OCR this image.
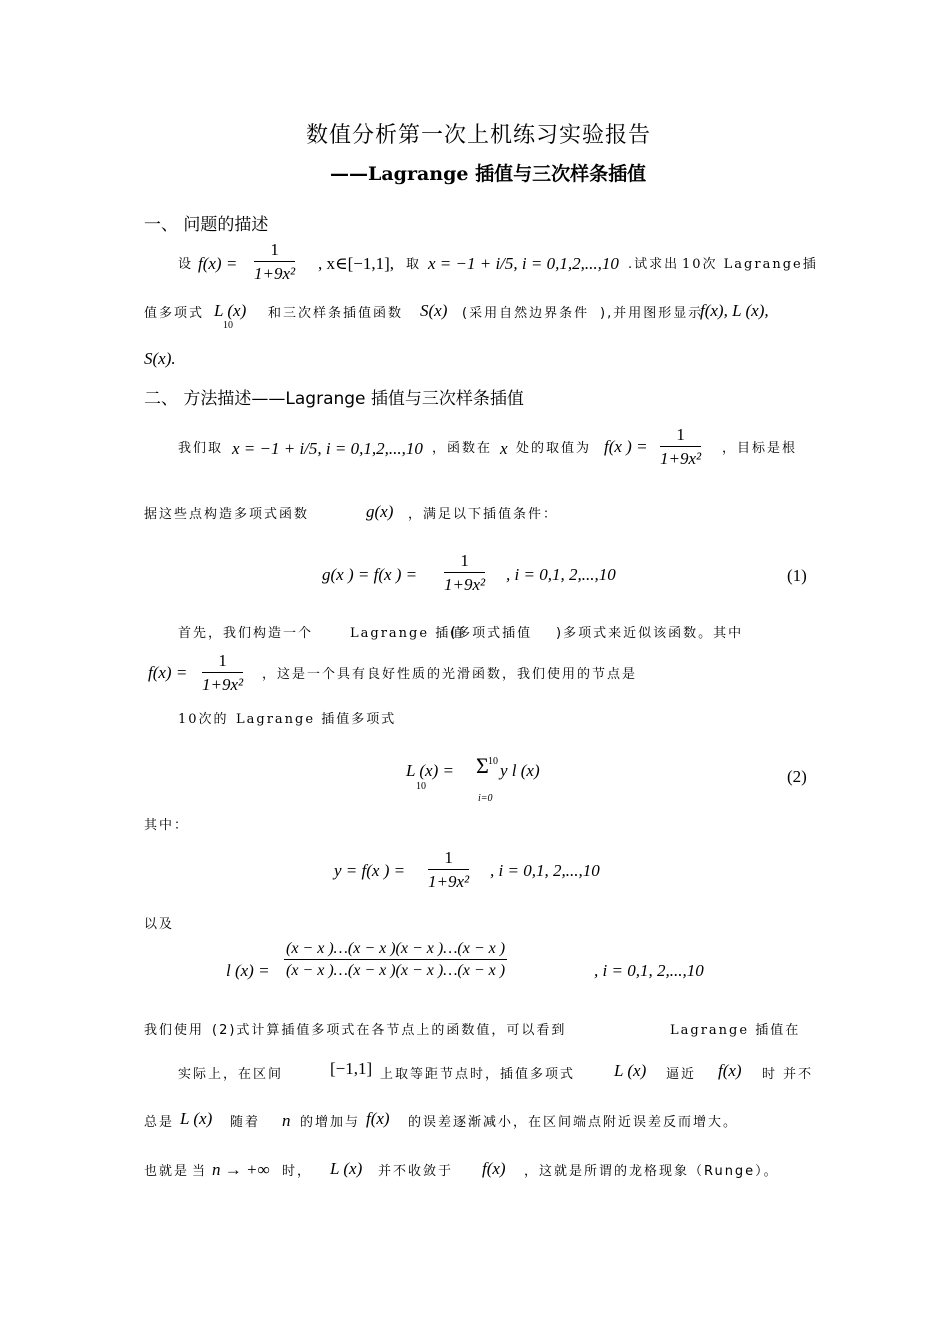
数值分析第一次上机练习实验报告
——Lagrange 插值与三次样条插值
一、 问题的描述
设 $f(x) = \frac{1}{\text{1+9x²}}$ , x∈[−1,1], 取 x = −1 + i/5, i = 0,1,2,...,10 .试求出 10次 Lagrange插
值多项式 L (x)
10
和三次样条插值函数 S(x) (采用自然边界条件 ),并用图形显示
f(x), L (x),
S(x).
二、 方法描述——Lagrange 插值与三次样条插值
我们取 x = −1 + i/5, i = 0,1,2,...,10 ，函数在 x 处的取值为 f(x ) = $\frac{1}{\text{1+9x²}}$ ，目标是根
据这些点构造多项式函数	g(x) ，满足以下插值条件：
g(x ) = f(x ) = $\frac{1}{\text{1+9x²}}$ , i = 0,1, 2,...,10	(1)
首先，我们构造一个	Lagrange 插值
(多项式插值 )多项式来近似该函数。其中
$f(x) = \frac{1}{\text{1+9x²}}$ ，这是一个具有良好性质的光滑函数，我们使用的节点是
10次的 Lagrange 插值多项式
L (x) =
10
Σ 10
i=0
y l (x)	(2)
其中：
y = f(x ) = $\frac{1}{\text{1+9x²}}$ , i = 0,1, 2,...,10
以及
l $(x) = \frac{(x - x )\dots(x - x )(x - x )\dots(x - x )}{(x - x )\dots(x - x )(x - x )\dots(x - x )}$	, i = 0,1, 2,...,10
我们使用 (2)式计算插值多项式在各节点上的函数值，可以看到	Lagrange 插值在
实际上，在区间	[−1,1] 上取等距节点时，插值多项式 L (x) 逼近 f(x) 时 并不
总是 L (x) 随着 n 的增加与 f(x) 的误差逐渐减小，在区间端点附近误差反而增大。
也就是 当 n → +∞ 时， L (x) 并不收敛于 f(x) ，这就是所谓的龙格现象（Runge）。
